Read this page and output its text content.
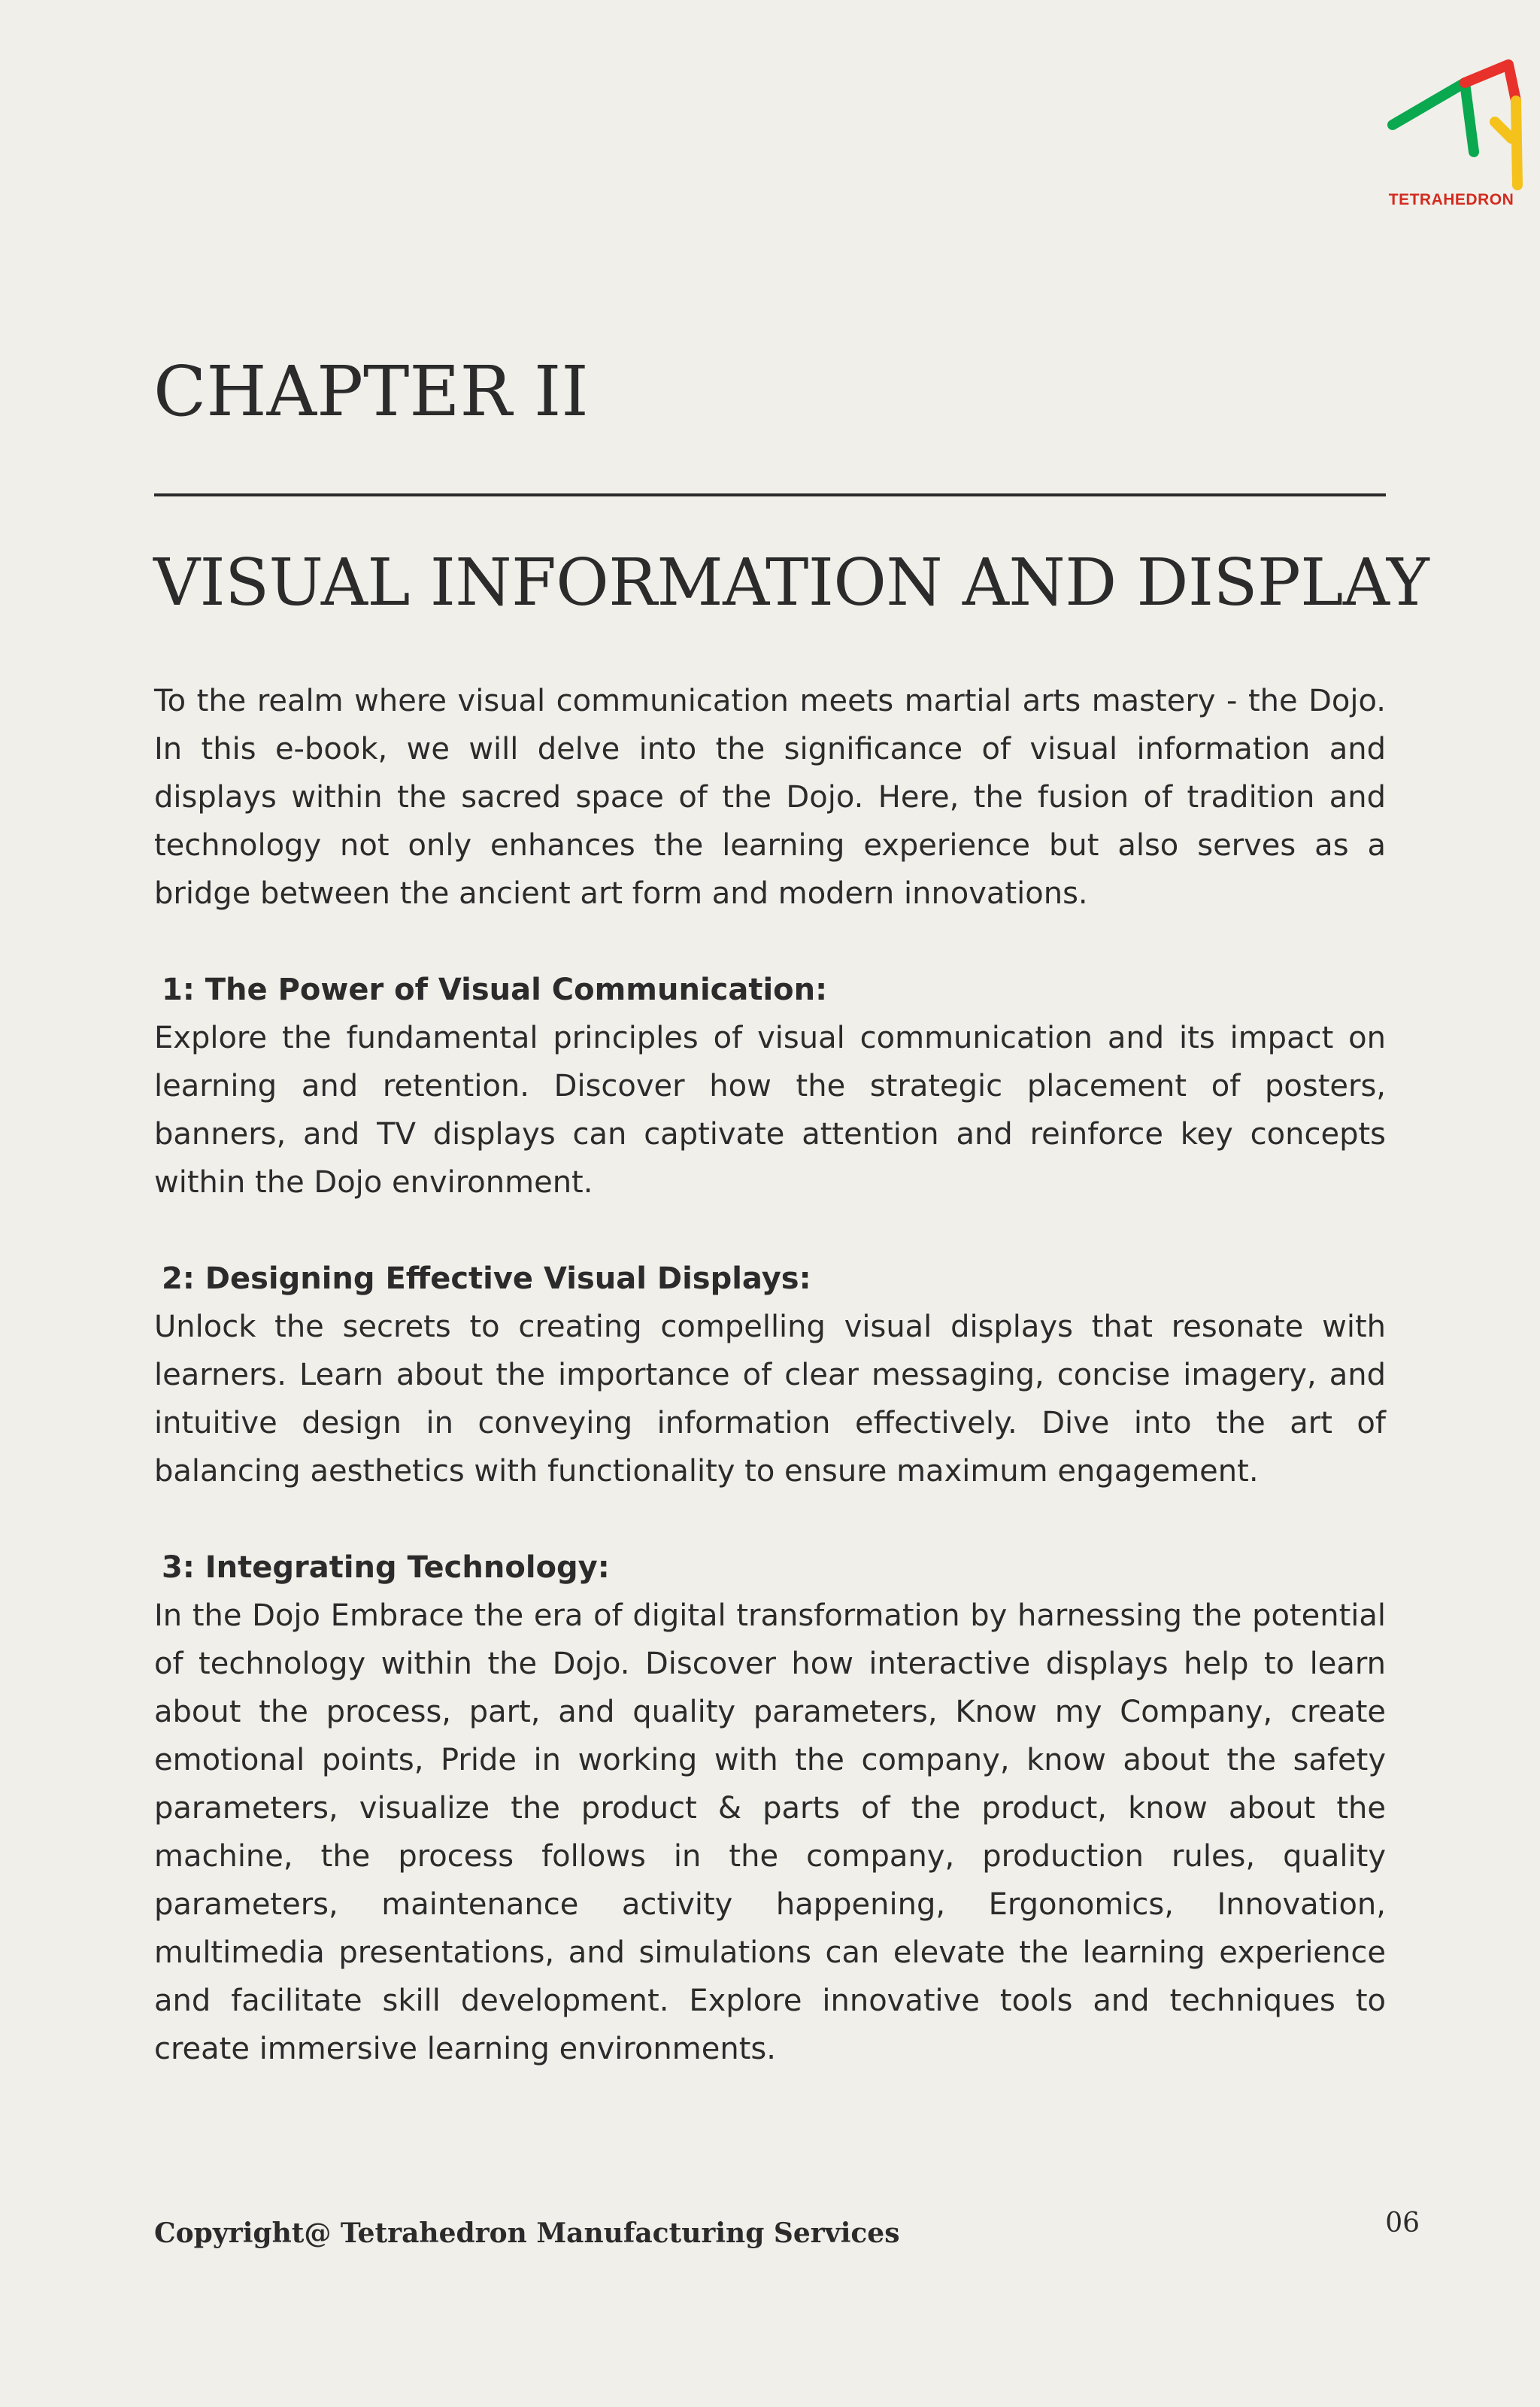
TETRAHEDRON
CHAPTER II
VISUAL INFORMATION AND DISPLAY

To the realm where visual communication meets martial arts mastery - the Dojo. In this e-book, we will delve into the significance of visual information and displays within the sacred space of the Dojo. Here, the fusion of tradition and technology not only enhances the learning experience but also serves as a bridge between the ancient art form and modern innovations.

1: The Power of Visual Communication:

Explore the fundamental principles of visual communication and its impact on learning and retention. Discover how the strategic placement of posters, banners, and TV displays can captivate attention and reinforce key concepts within the Dojo environment.

2: Designing Effective Visual Displays:

Unlock the secrets to creating compelling visual displays that resonate with learners. Learn about the importance of clear messaging, concise imagery, and intuitive design in conveying information effectively. Dive into the art of balancing aesthetics with functionality to ensure maximum engagement.

3: Integrating Technology:

In the Dojo Embrace the era of digital transformation by harnessing the potential of technology within the Dojo. Discover how interactive displays help to learn about the process, part, and quality parameters, Know my Company, create emotional points, Pride in working with the company, know about the safety parameters, visualize the product & parts of the product, know about the machine, the process follows in the company, production rules, quality parameters, maintenance activity happening, Ergonomics, Innovation, multimedia presentations, and simulations can elevate the learning experience and facilitate skill development. Explore innovative tools and techniques to create immersive learning environments.

Copyright@ Tetrahedron Manufacturing Services	06
